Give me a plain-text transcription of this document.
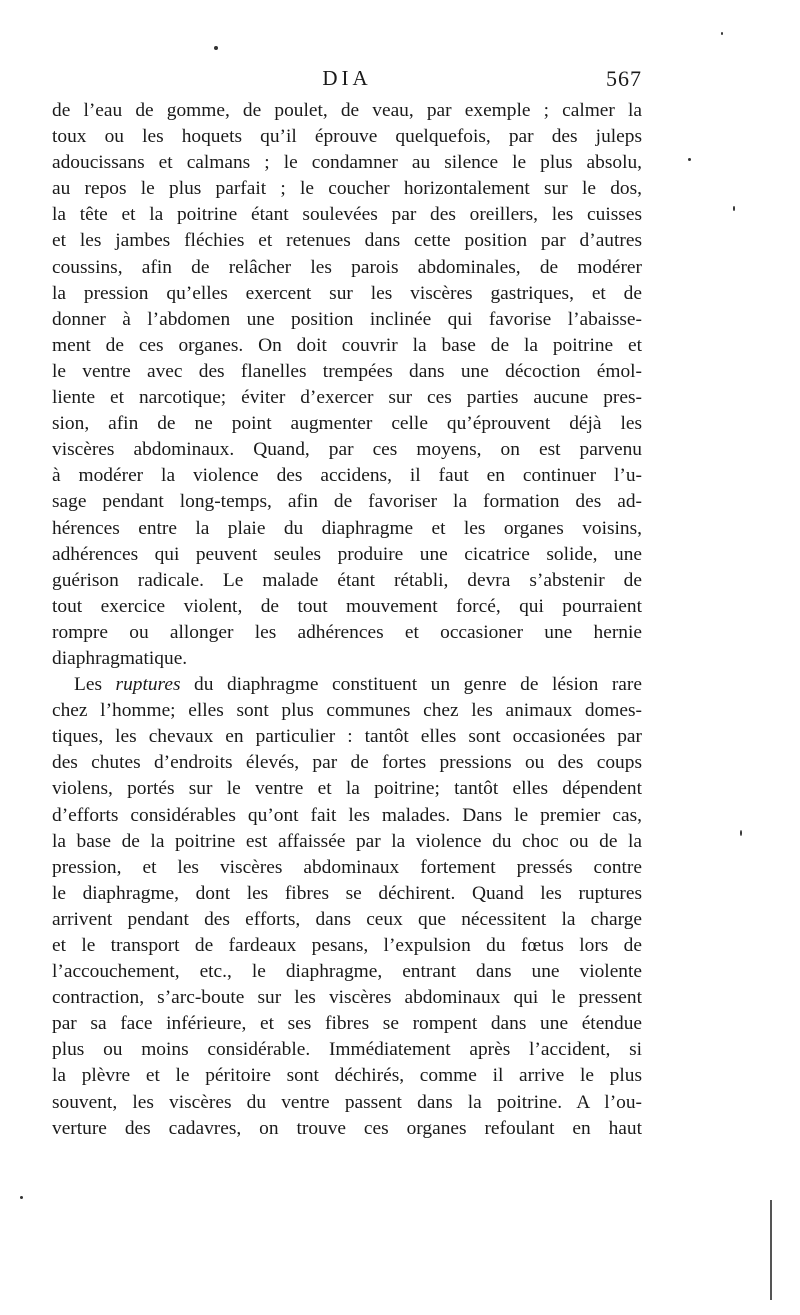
DIA	567
de l’eau de gomme, de poulet, de veau, par exemple ; calmer la
toux ou les hoquets qu’il éprouve quelquefois, par des juleps
adoucissans et calmans ; le condamner au silence le plus absolu,
au repos le plus parfait ; le coucher horizontalement sur le dos,
la tête et la poitrine étant soulevées par des oreillers, les cuisses
et les jambes fléchies et retenues dans cette position par d’autres
coussins, afin de relâcher les parois abdominales, de modérer
la pression qu’elles exercent sur les viscères gastriques, et de
donner à l’abdomen une position inclinée qui favorise l’abaisse-
ment de ces organes. On doit couvrir la base de la poitrine et
le ventre avec des flanelles trempées dans une décoction émol-
liente et narcotique; éviter d’exercer sur ces parties aucune pres-
sion, afin de ne point augmenter celle qu’éprouvent déjà les
viscères abdominaux. Quand, par ces moyens, on est parvenu
à modérer la violence des accidens, il faut en continuer l’u-
sage pendant long-temps, afin de favoriser la formation des ad-
hérences entre la plaie du diaphragme et les organes voisins,
adhérences qui peuvent seules produire une cicatrice solide, une
guérison radicale. Le malade étant rétabli, devra s’abstenir de
tout exercice violent, de tout mouvement forcé, qui pourraient
rompre ou allonger les adhérences et occasioner une hernie
diaphragmatique.
Les ruptures du diaphragme constituent un genre de lésion rare
chez l’homme; elles sont plus communes chez les animaux domes-
tiques, les chevaux en particulier : tantôt elles sont occasionées par
des chutes d’endroits élevés, par de fortes pressions ou des coups
violens, portés sur le ventre et la poitrine; tantôt elles dépendent
d’efforts considérables qu’ont fait les malades. Dans le premier cas,
la base de la poitrine est affaissée par la violence du choc ou de la
pression, et les viscères abdominaux fortement pressés contre
le diaphragme, dont les fibres se déchirent. Quand les ruptures
arrivent pendant des efforts, dans ceux que nécessitent la charge
et le transport de fardeaux pesans, l’expulsion du fœtus lors de
l’accouchement, etc., le diaphragme, entrant dans une violente
contraction, s’arc-boute sur les viscères abdominaux qui le pressent
par sa face inférieure, et ses fibres se rompent dans une étendue
plus ou moins considérable. Immédiatement après l’accident, si
la plèvre et le péritoire sont déchirés, comme il arrive le plus
souvent, les viscères du ventre passent dans la poitrine. A l’ou-
verture des cadavres, on trouve ces organes refoulant en haut
